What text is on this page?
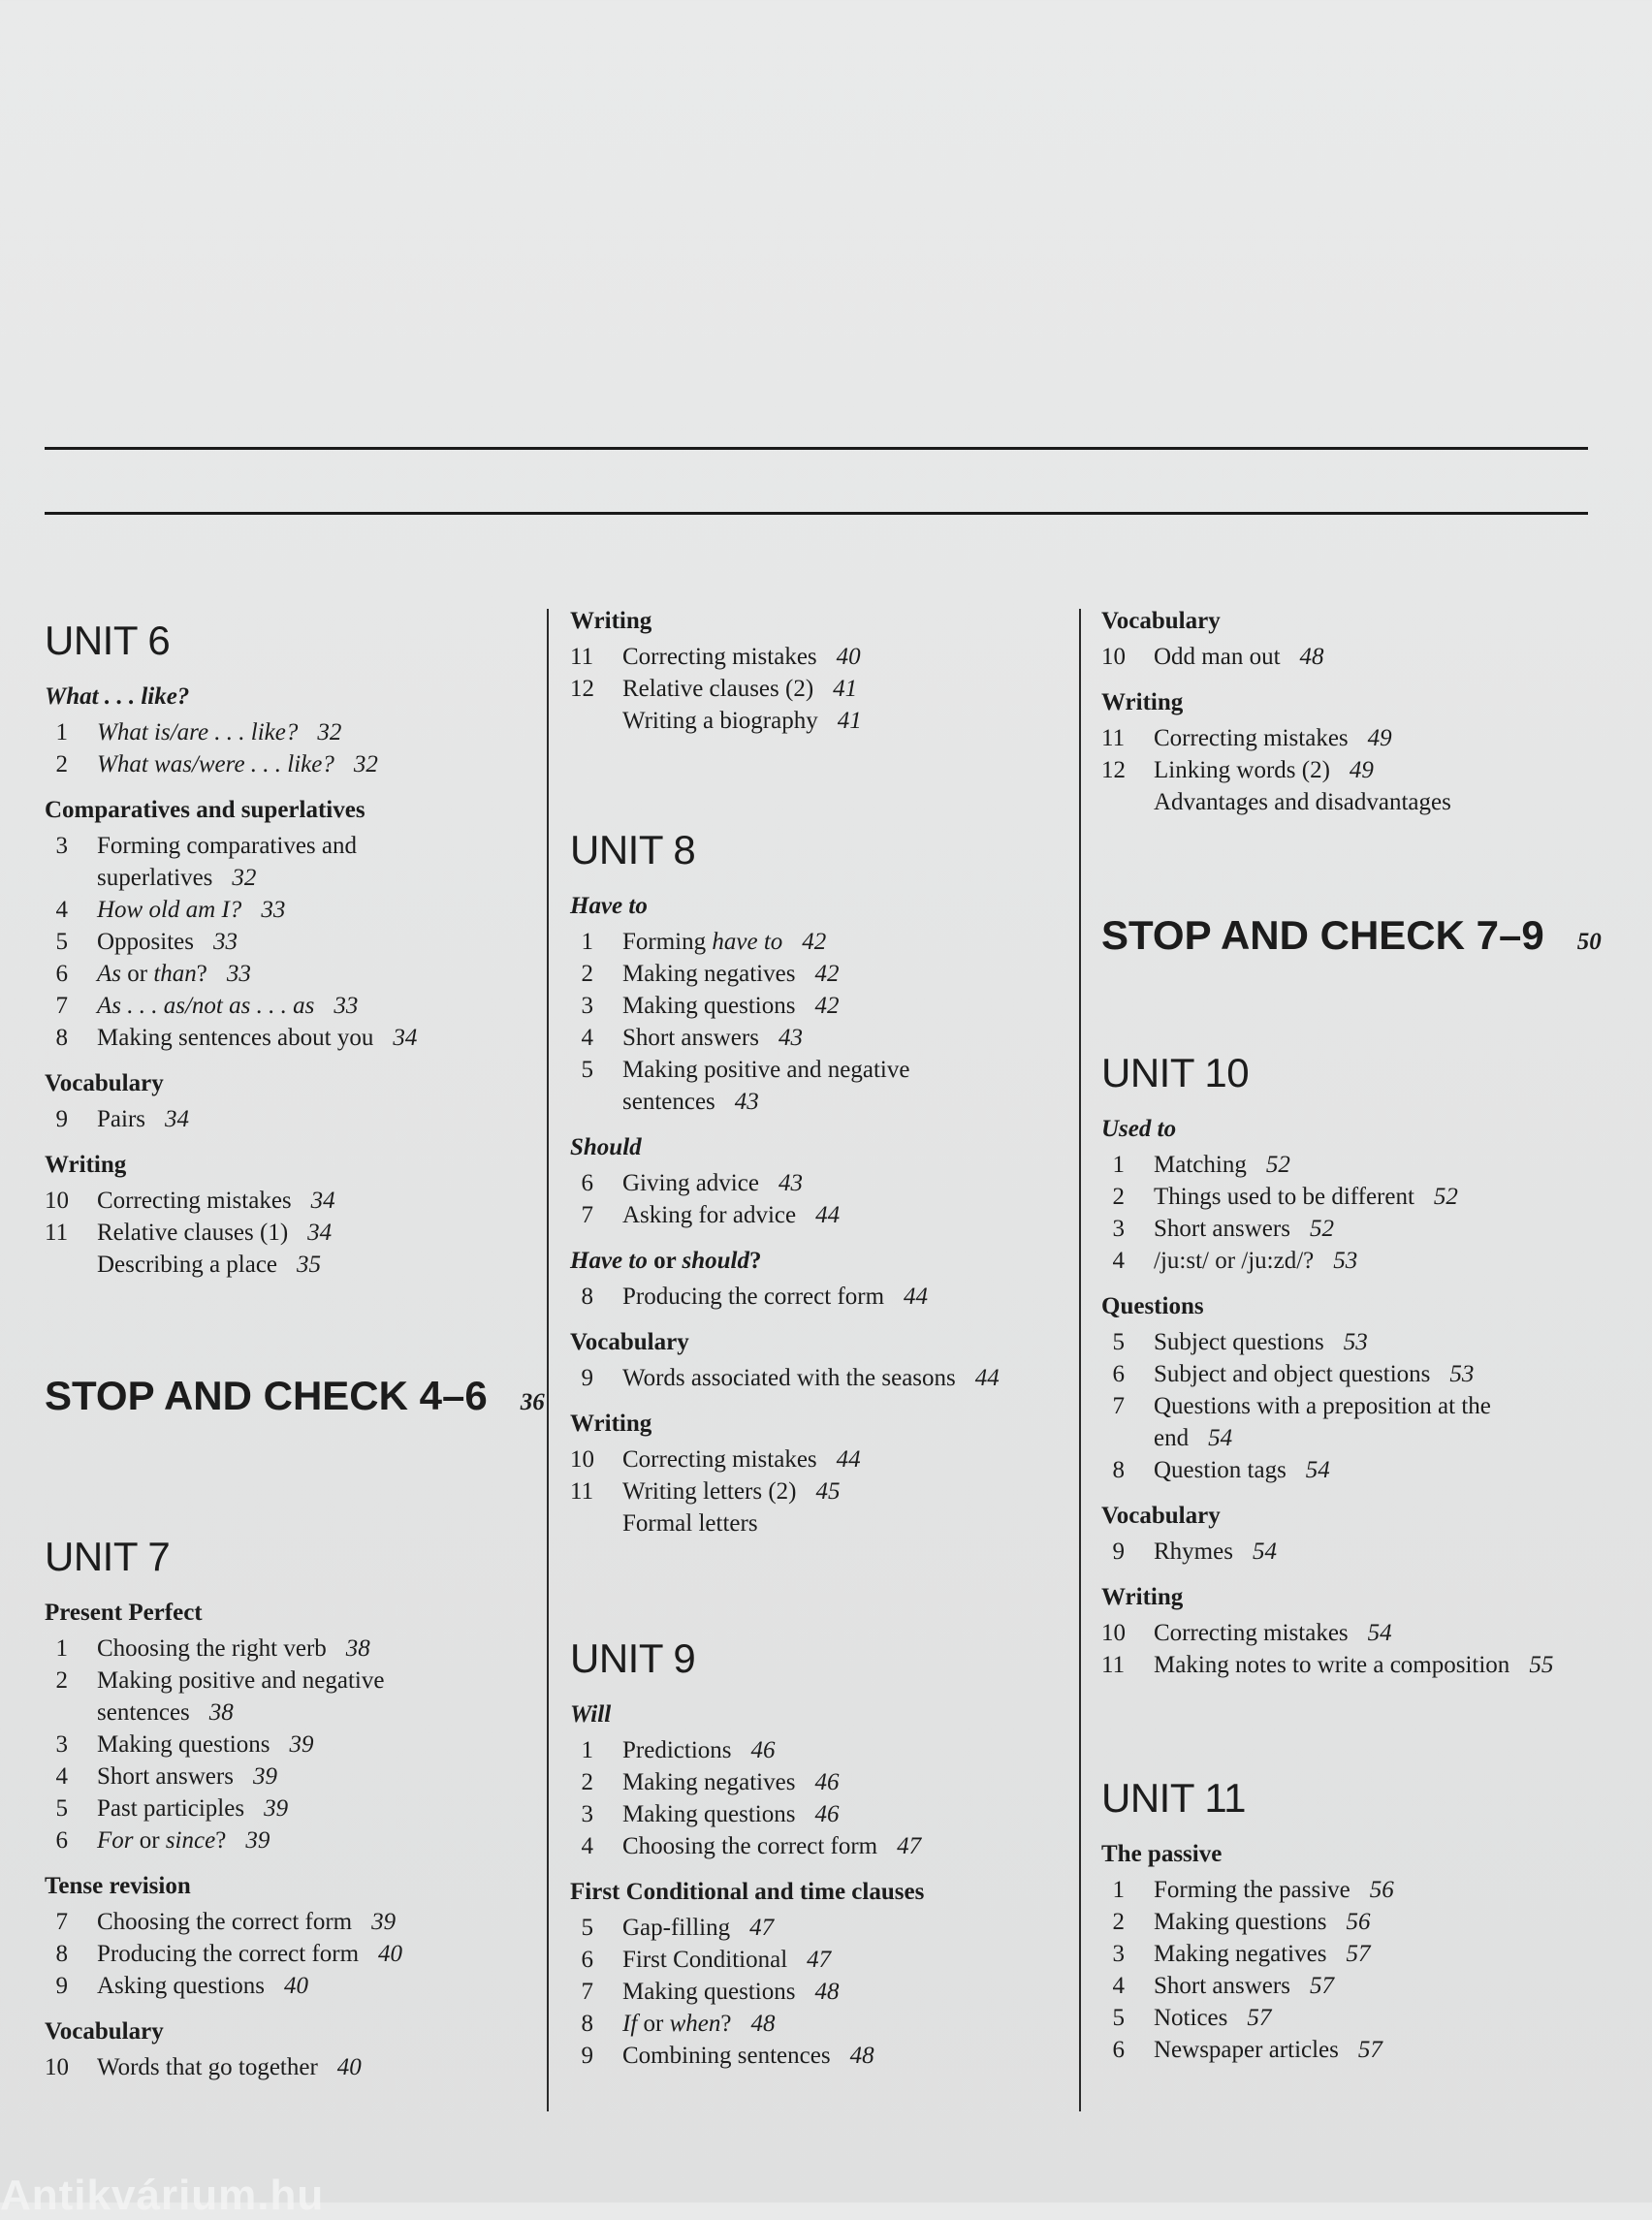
UNIT 6
What . . . like?
1 What is/are . . . like? 32
2 What was/were . . . like? 32
Comparatives and superlatives
3 Forming comparatives and
superlatives 32
4 How old am I? 33
5 Opposites 33
6 As or than? 33
7 As . . . as/not as . . . as 33
8 Making sentences about you 34
Vocabulary
9 Pairs 34
Writing
10 Correcting mistakes 34
11 Relative clauses (1) 34
Describing a place 35
STOP AND CHECK 4–6 36
UNIT 7
Present Perfect
1 Choosing the right verb 38
2 Making positive and negative
sentences 38
3 Making questions 39
4 Short answers 39
5 Past participles 39
6 For or since? 39
Tense revision
7 Choosing the correct form 39
8 Producing the correct form 40
9 Asking questions 40
Vocabulary
10 Words that go together 40
Writing
11 Correcting mistakes 40
12 Relative clauses (2) 41
Writing a biography 41
UNIT 8
Have to
1 Forming have to 42
2 Making negatives 42
3 Making questions 42
4 Short answers 43
5 Making positive and negative
sentences 43
Should
6 Giving advice 43
7 Asking for advice 44
Have to or should?
8 Producing the correct form 44
Vocabulary
9 Words associated with the seasons 44
Writing
10 Correcting mistakes 44
11 Writing letters (2) 45
Formal letters
UNIT 9
Will
1 Predictions 46
2 Making negatives 46
3 Making questions 46
4 Choosing the correct form 47
First Conditional and time clauses
5 Gap-filling 47
6 First Conditional 47
7 Making questions 48
8 If or when? 48
9 Combining sentences 48
Vocabulary
10 Odd man out 48
Writing
11 Correcting mistakes 49
12 Linking words (2) 49
Advantages and disadvantages
STOP AND CHECK 7–9 50
UNIT 10
Used to
1 Matching 52
2 Things used to be different 52
3 Short answers 52
4 /ju:st/ or /ju:zd/? 53
Questions
5 Subject questions 53
6 Subject and object questions 53
7 Questions with a preposition at the
end 54
8 Question tags 54
Vocabulary
9 Rhymes 54
Writing
10 Correcting mistakes 54
11 Making notes to write a composition 55
UNIT 11
The passive
1 Forming the passive 56
2 Making questions 56
3 Making negatives 57
4 Short answers 57
5 Notices 57
6 Newspaper articles 57
Antikvárium.hu
